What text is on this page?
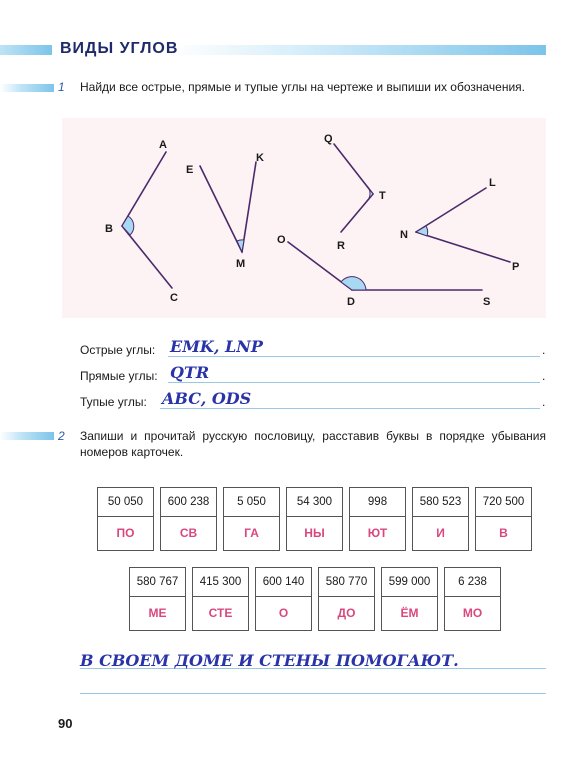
ВИДЫ УГЛОВ
1 Найди все острые, прямые и тупые углы на чертеже и выпиши их обозначения.
A
B
C
E
K
M
Q
T
R
L
N
P
O
D	S
Острые углы: EMK, LNP	.
Прямые углы: QTR	.
Тупые углы: ABC, ODS	.
2 Запиши и прочитай русскую пословицу, расставив буквы в порядке убывания номеров карточек.
50 050
ПО
600 238
СВ
5 050
ГА
54 300
НЫ
998
ЮТ
580 523
И
720 500
В
580 767
МЕ
415 300
СТЕ
600 140
О
580 770
ДО
599 000
ЁМ
6 238
МО
В СВОЕМ ДОМЕ И СТЕНЫ ПОМОГАЮТ.
90
